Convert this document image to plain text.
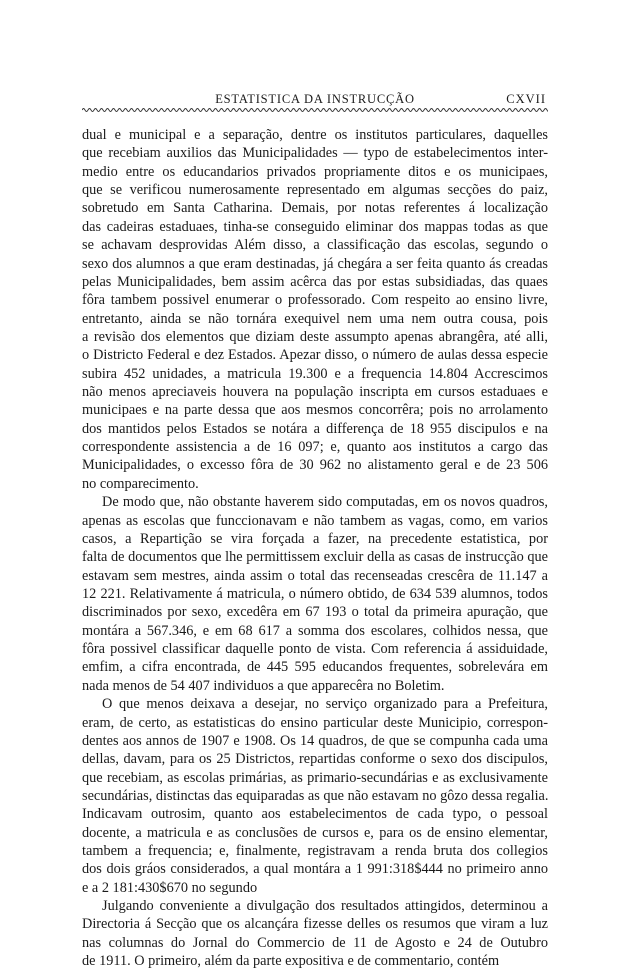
ESTATISTICA DA INSTRUCÇÃO	CXVII
dual e municipal e a separação, dentre os institutos particulares, daquelles
que recebiam auxilios das Municipalidades — typo de estabelecimentos inter-
medio entre os educandarios privados propriamente ditos e os municipaes,
que se verificou numerosamente representado em algumas secções do paiz,
sobretudo em Santa Catharina. Demais, por notas referentes á localização
das cadeiras estaduaes, tinha-se conseguido eliminar dos mappas todas as que
se achavam desprovidas Além disso, a classificação das escolas, segundo o
sexo dos alumnos a que eram destinadas, já chegára a ser feita quanto ás creadas
pelas Municipalidades, bem assim acêrca das por estas subsidiadas, das quaes
fôra tambem possivel enumerar o professorado. Com respeito ao ensino livre,
entretanto, ainda se não tornára exequivel nem uma nem outra cousa, pois
a revisão dos elementos que diziam deste assumpto apenas abrangêra, até alli,
o Districto Federal e dez Estados. Apezar disso, o número de aulas dessa especie
subira 452 unidades, a matricula 19.300 e a frequencia 14.804 Accrescimos
não menos apreciaveis houvera na população inscripta em cursos estaduaes e
municipaes e na parte dessa que aos mesmos concorrêra; pois no arrolamento
dos mantidos pelos Estados se notára a differença de 18 955 discipulos e na
correspondente assistencia a de 16 097; e, quanto aos institutos a cargo das
Municipalidades, o excesso fôra de 30 962 no alistamento geral e de 23 506
no comparecimento.
De modo que, não obstante haverem sido computadas, em os novos quadros,
apenas as escolas que funccionavam e não tambem as vagas, como, em varios
casos, a Repartição se vira forçada a fazer, na precedente estatistica, por
falta de documentos que lhe permittissem excluir della as casas de instrucção que
estavam sem mestres, ainda assim o total das recenseadas crescêra de 11.147 a
12 221. Relativamente á matricula, o número obtido, de 634 539 alumnos, todos
discriminados por sexo, excedêra em 67 193 o total da primeira apuração, que
montára a 567.346, e em 68 617 a somma dos escolares, colhidos nessa, que
fôra possivel classificar daquelle ponto de vista. Com referencia á assiduidade,
emfim, a cifra encontrada, de 445 595 educandos frequentes, sobrelevára em
nada menos de 54 407 individuos a que apparecêra no Boletim.
O que menos deixava a desejar, no serviço organizado para a Prefeitura,
eram, de certo, as estatisticas do ensino particular deste Municipio, correspon-
dentes aos annos de 1907 e 1908. Os 14 quadros, de que se compunha cada uma
dellas, davam, para os 25 Districtos, repartidas conforme o sexo dos discipulos,
que recebiam, as escolas primárias, as primario-secundárias e as exclusivamente
secundárias, distinctas das equiparadas as que não estavam no gôzo dessa regalia.
Indicavam outrosim, quanto aos estabelecimentos de cada typo, o pessoal
docente, a matricula e as conclusões de cursos e, para os de ensino elementar,
tambem a frequencia; e, finalmente, registravam a renda bruta dos collegios
dos dois gráos considerados, a qual montára a 1 991:318$444 no primeiro anno
e a 2 181:430$670 no segundo
Julgando conveniente a divulgação dos resultados attingidos, determinou a
Directoria á Secção que os alcançára fizesse delles os resumos que viram a luz
nas columnas do Jornal do Commercio de 11 de Agosto e 24 de Outubro
de 1911. O primeiro, além da parte expositiva e de commentario, contém
